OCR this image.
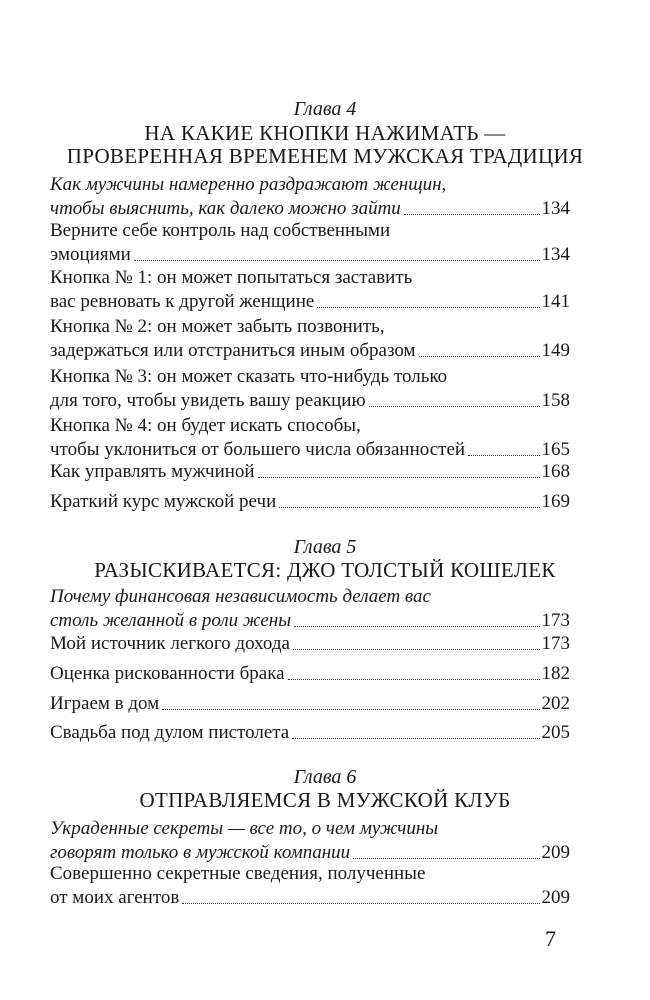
Глава 4
НА КАКИЕ КНОПКИ НАЖИМАТЬ —
ПРОВЕРЕННАЯ ВРЕМЕНЕМ МУЖСКАЯ ТРАДИЦИЯ
Как мужчины намеренно раздражают женщин,
чтобы выяснить, как далеко можно зайти	134
Верните себе контроль над собственными
эмоциями	134
Кнопка № 1: он может попытаться заставить
вас ревновать к другой женщине	141
Кнопка № 2: он может забыть позвонить,
задержаться или отстраниться иным образом	149
Кнопка № 3: он может сказать что-нибудь только
для того, чтобы увидеть вашу реакцию	158
Кнопка № 4: он будет искать способы,
чтобы уклониться от большего числа обязанностей	165
Как управлять мужчиной	168
Краткий курс мужской речи	169
Глава 5
РАЗЫСКИВАЕТСЯ: ДЖО ТОЛСТЫЙ КОШЕЛЕК
Почему финансовая независимость делает вас
столь желанной в роли жены	173
Мой источник легкого дохода	173
Оценка рискованности брака	182
Играем в дом	202
Свадьба под дулом пистолета	205
Глава 6
ОТПРАВЛЯЕМСЯ В МУЖСКОЙ КЛУБ
Украденные секреты — все то, о чем мужчины
говорят только в мужской компании	209
Совершенно секретные сведения, полученные
от моих агентов	209
7
